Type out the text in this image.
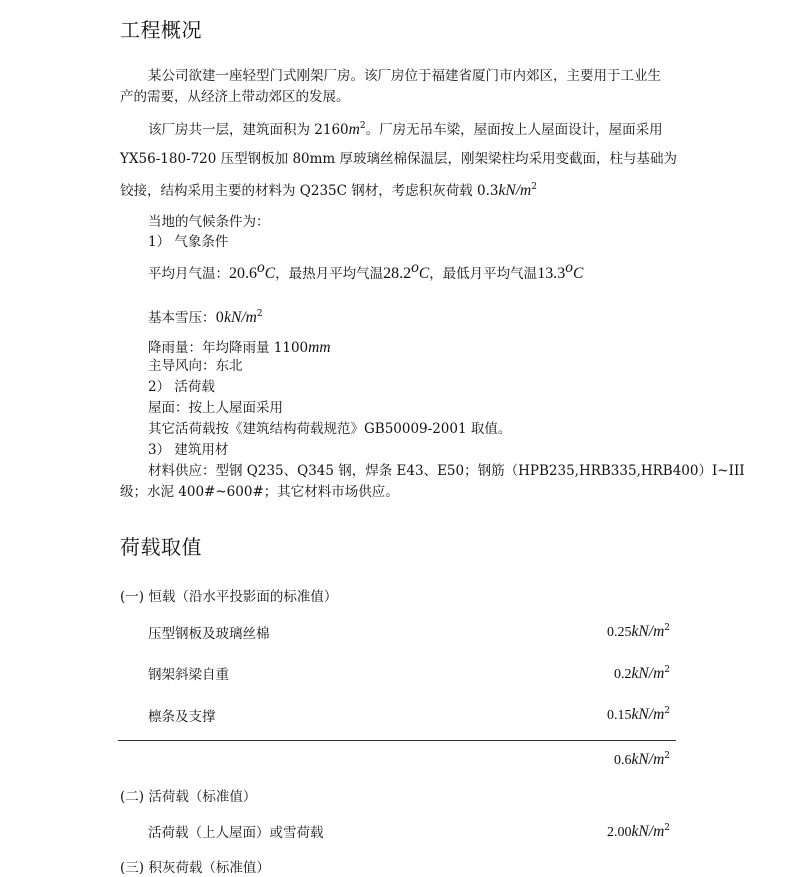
工程概况
某公司欲建一座轻型门式刚架厂房。该厂房位于福建省厦门市内郊区，主要用于工业生
产的需要，从经济上带动郊区的发展。
该厂房共一层，建筑面积为 $2160m^2$。厂房无吊车梁，屋面按上人屋面设计，屋面采用
YX56-180-720 压型钢板加 80mm 厚玻璃丝棉保温层，刚架梁柱均采用变截面，柱与基础为
铰接，结构采用主要的材料为 Q235C 钢材，考虑积灰荷载 $0.3kN/m^2$
当地的气候条件为：
1） 气象条件
平均月气温：20.6$^o$C，最热月平均气温28.2$^o$C，最低月平均气温13.3$^o$C
基本雪压：$0kN/m^2$
降雨量：年均降雨量 1100mm
主导风向：东北
2） 活荷载
屋面：按上人屋面采用
其它活荷载按《建筑结构荷载规范》GB50009-2001 取值。
3） 建筑用材
材料供应：型钢 Q235、Q345 钢，焊条 E43、E50；钢筋（HPB235,HRB335,HRB400）I~III
级；水泥 400#~600#；其它材料市场供应。
荷载取值
(一) 恒载（沿水平投影面的标准值）
压型钢板及玻璃丝棉	$0.25kN/m^2$
钢架斜梁自重	$0.2kN/m^2$
檩条及支撑	$0.15kN/m^2$
$0.6kN/m^2$
(二) 活荷载（标准值）
活荷载（上人屋面）或雪荷载	$2.00kN/m^2$
(三) 积灰荷载（标准值）
